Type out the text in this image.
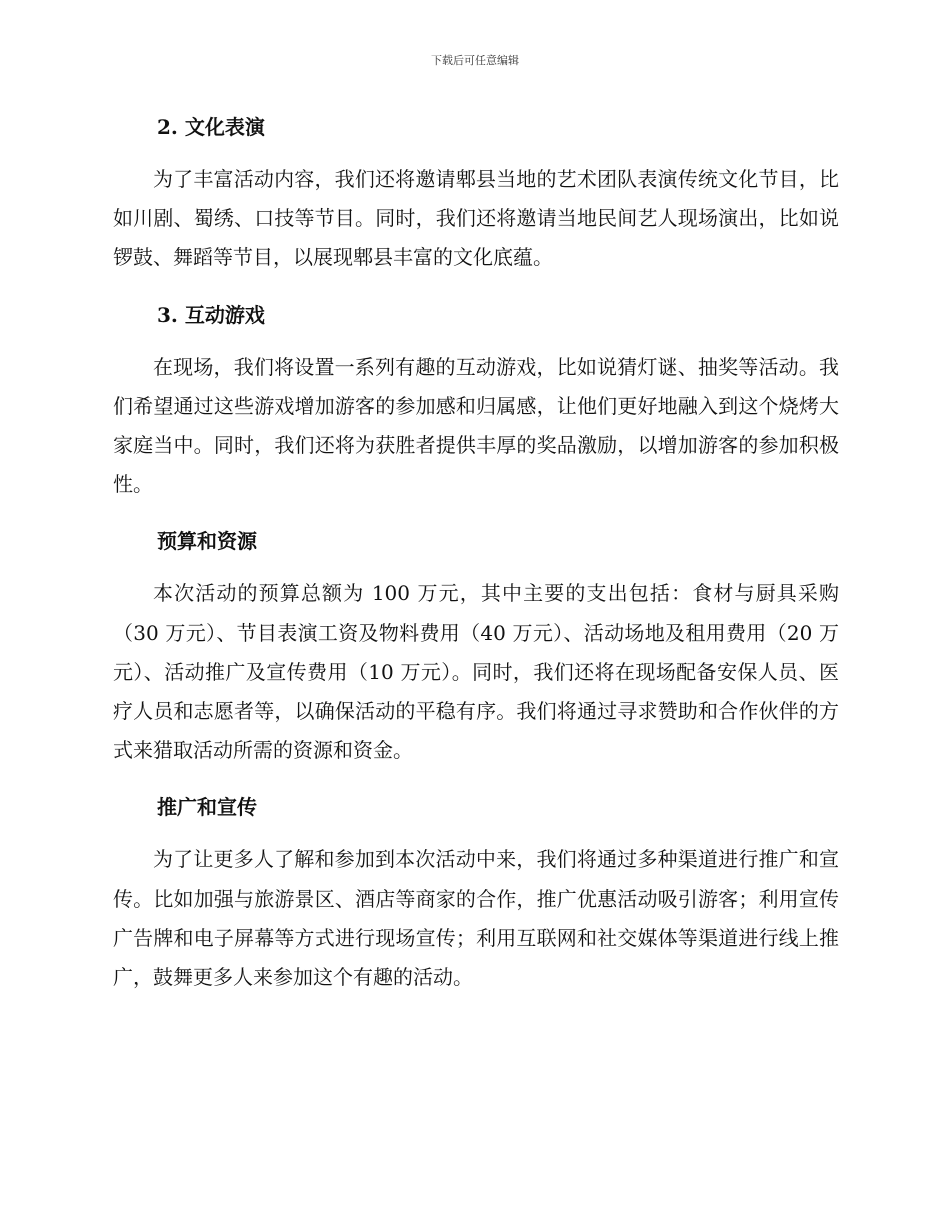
下载后可任意编辑
2. 文化表演

为了丰富活动内容，我们还将邀请郫县当地的艺术团队表演传统文化节目，比如川剧、蜀绣、口技等节目。同时，我们还将邀请当地民间艺人现场演出，比如说锣鼓、舞蹈等节目，以展现郫县丰富的文化底蕴。

3. 互动游戏

在现场，我们将设置一系列有趣的互动游戏，比如说猜灯谜、抽奖等活动。我们希望通过这些游戏增加游客的参加感和归属感，让他们更好地融入到这个烧烤大家庭当中。同时，我们还将为获胜者提供丰厚的奖品激励，以增加游客的参加积极性。

预算和资源

本次活动的预算总额为 100 万元，其中主要的支出包括：食材与厨具采购（30 万元）、节目表演工资及物料费用（40 万元）、活动场地及租用费用（20 万元）、活动推广及宣传费用（10 万元）。同时，我们还将在现场配备安保人员、医疗人员和志愿者等，以确保活动的平稳有序。我们将通过寻求赞助和合作伙伴的方式来猎取活动所需的资源和资金。

推广和宣传

为了让更多人了解和参加到本次活动中来，我们将通过多种渠道进行推广和宣传。比如加强与旅游景区、酒店等商家的合作，推广优惠活动吸引游客；利用宣传广告牌和电子屏幕等方式进行现场宣传；利用互联网和社交媒体等渠道进行线上推广，鼓舞更多人来参加这个有趣的活动。
